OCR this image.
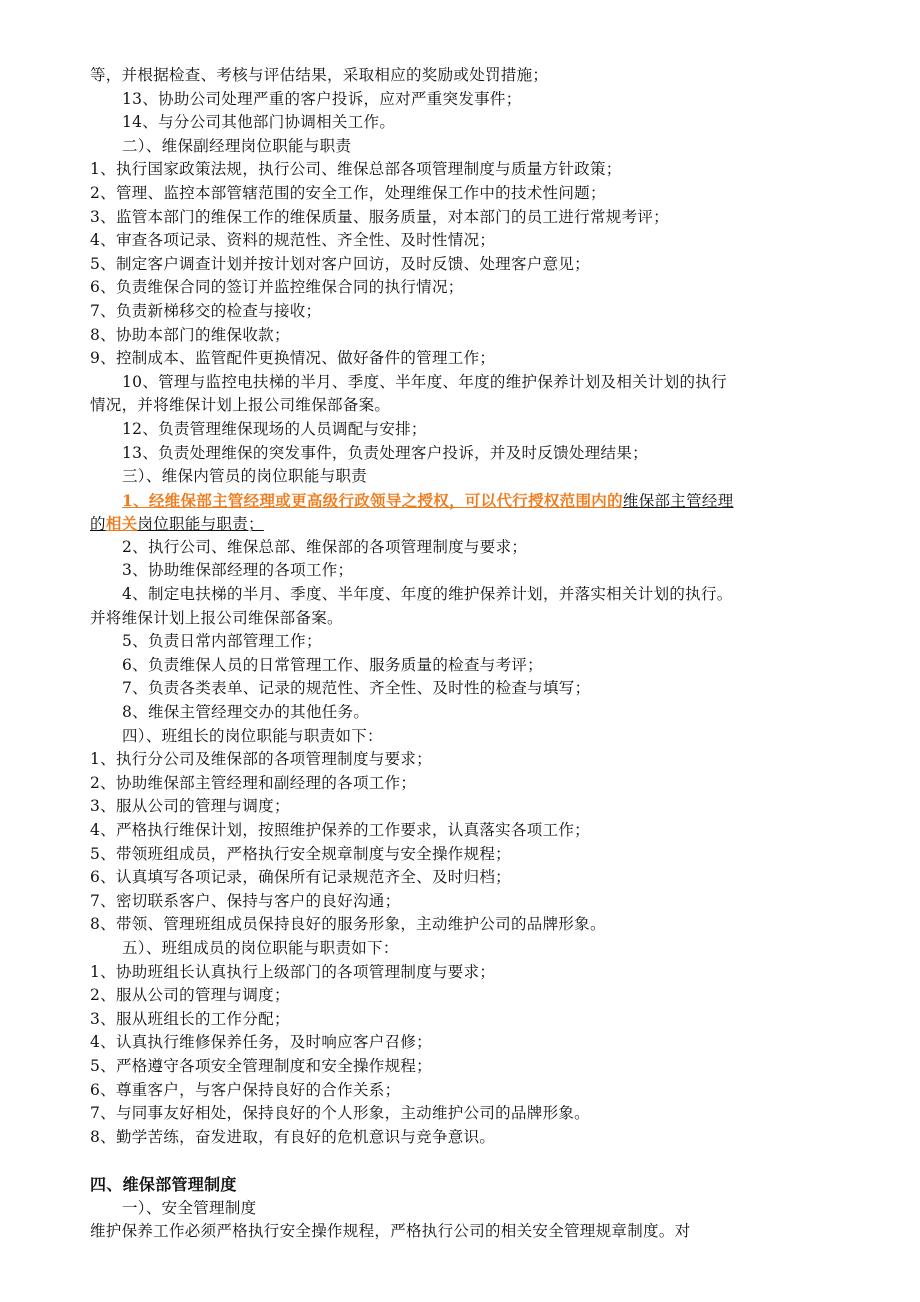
等，并根据检查、考核与评估结果，采取相应的奖励或处罚措施；
13、协助公司处理严重的客户投诉，应对严重突发事件；
14、与分公司其他部门协调相关工作。
二）、维保副经理岗位职能与职责
1、执行国家政策法规，执行公司、维保总部各项管理制度与质量方针政策；
2、管理、监控本部管辖范围的安全工作，处理维保工作中的技术性问题；
3、监管本部门的维保工作的维保质量、服务质量，对本部门的员工进行常规考评；
4、审查各项记录、资料的规范性、齐全性、及时性情况；
5、制定客户调查计划并按计划对客户回访，及时反馈、处理客户意见；
6、负责维保合同的签订并监控维保合同的执行情况；
7、负责新梯移交的检查与接收；
8、协助本部门的维保收款；
9、控制成本、监管配件更换情况、做好备件的管理工作；
10、管理与监控电扶梯的半月、季度、半年度、年度的维护保养计划及相关计划的执行
情况，并将维保计划上报公司维保部备案。
12、负责管理维保现场的人员调配与安排；
13、负责处理维保的突发事件，负责处理客户投诉，并及时反馈处理结果；
三）、维保内管员的岗位职能与职责
1、经维保部主管经理或更高级行政领导之授权，可以代行授权范围内的维保部主管经理
的相关岗位职能与职责；
2、执行公司、维保总部、维保部的各项管理制度与要求；
3、协助维保部经理的各项工作；
4、制定电扶梯的半月、季度、半年度、年度的维护保养计划，并落实相关计划的执行。
并将维保计划上报公司维保部备案。
5、负责日常内部管理工作；
6、负责维保人员的日常管理工作、服务质量的检查与考评；
7、负责各类表单、记录的规范性、齐全性、及时性的检查与填写；
8、维保主管经理交办的其他任务。
四）、班组长的岗位职能与职责如下：
1、执行分公司及维保部的各项管理制度与要求；
2、协助维保部主管经理和副经理的各项工作；
3、服从公司的管理与调度；
4、严格执行维保计划，按照维护保养的工作要求，认真落实各项工作；
5、带领班组成员，严格执行安全规章制度与安全操作规程；
6、认真填写各项记录，确保所有记录规范齐全、及时归档；
7、密切联系客户、保持与客户的良好沟通；
8、带领、管理班组成员保持良好的服务形象，主动维护公司的品牌形象。
五）、班组成员的岗位职能与职责如下：
1、协助班组长认真执行上级部门的各项管理制度与要求；
2、服从公司的管理与调度；
3、服从班组长的工作分配；
4、认真执行维修保养任务，及时响应客户召修；
5、严格遵守各项安全管理制度和安全操作规程；
6、尊重客户，与客户保持良好的合作关系；
7、与同事友好相处，保持良好的个人形象，主动维护公司的品牌形象。
8、勤学苦练，奋发进取，有良好的危机意识与竞争意识。
四、维保部管理制度
一）、安全管理制度
维护保养工作必须严格执行安全操作规程，严格执行公司的相关安全管理规章制度。对
